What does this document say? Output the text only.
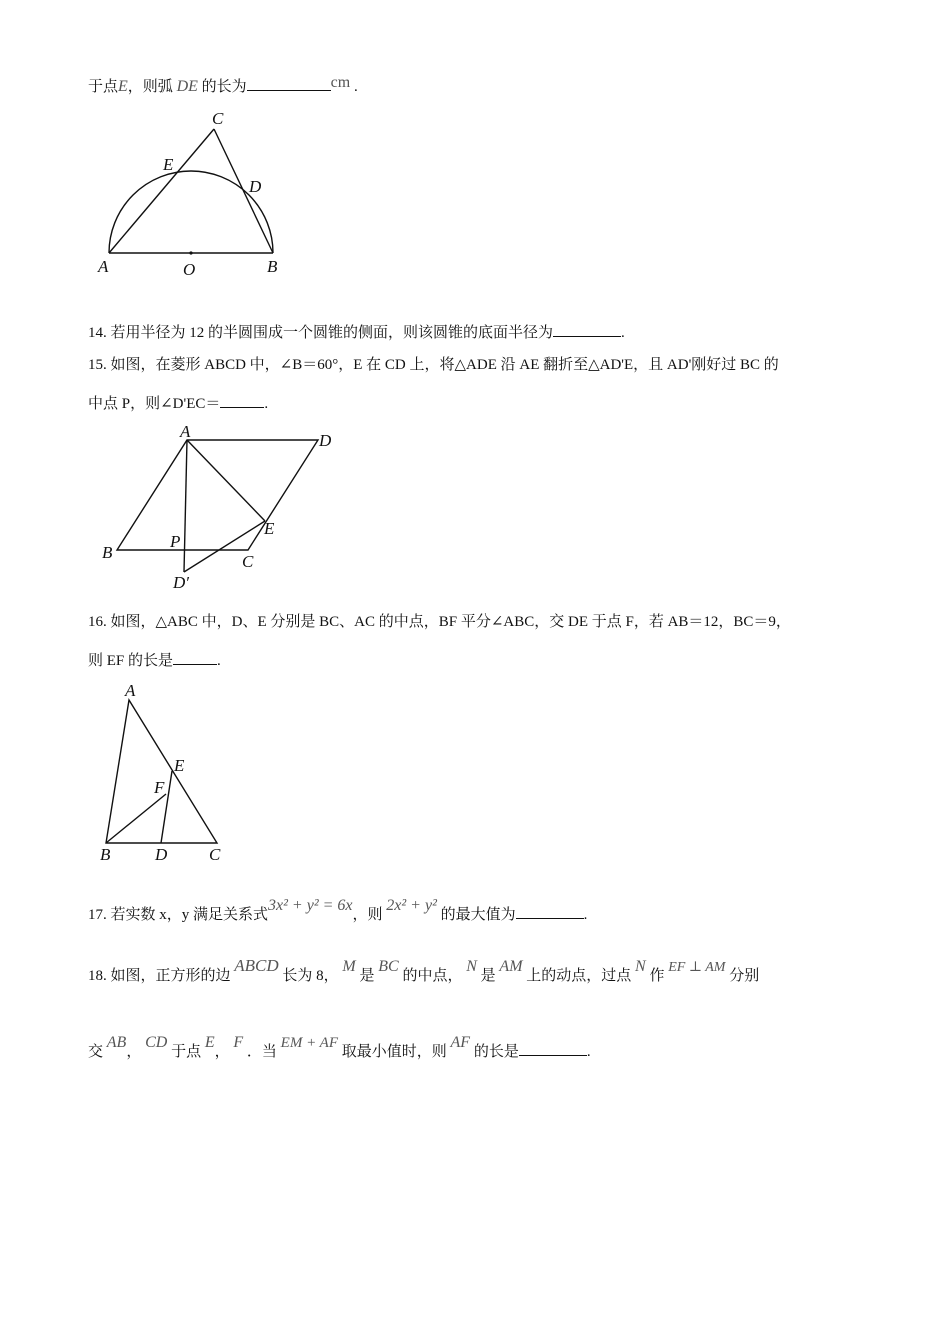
于点E，则弧 DE 的长为	cm .
C
E
D
A	O	B
14. 若用半径为 12 的半圆围成一个圆锥的侧面，则该圆锥的底面半径为	.
15. 如图，在菱形 ABCD 中，∠B＝60°，E 在 CD 上，将△ADE 沿 AE 翻折至△AD'E，且 AD'刚好过 BC 的
中点 P，则∠D'EC＝	.
A	D
E
P
B	C
D′
16. 如图，△ABC 中，D、E 分别是 BC、AC 的中点，BF 平分∠ABC，交 DE 于点 F，若 AB＝12，BC＝9，
则 EF 的长是	.
A
E
F
B	D C
17. 若实数 x，y 满足关系式3x² + y² = 6x，则 2x² + y² 的最大值为	.
18. 如图，正方形的边 ABCD 长为 8， M 是 BC 的中点， N 是 AM 上的动点，过点 N 作 EF ⊥ AM 分别
交 AB， CD 于点 E， F ．当 EM + AF 取最小值时，则 AF 的长是	.
